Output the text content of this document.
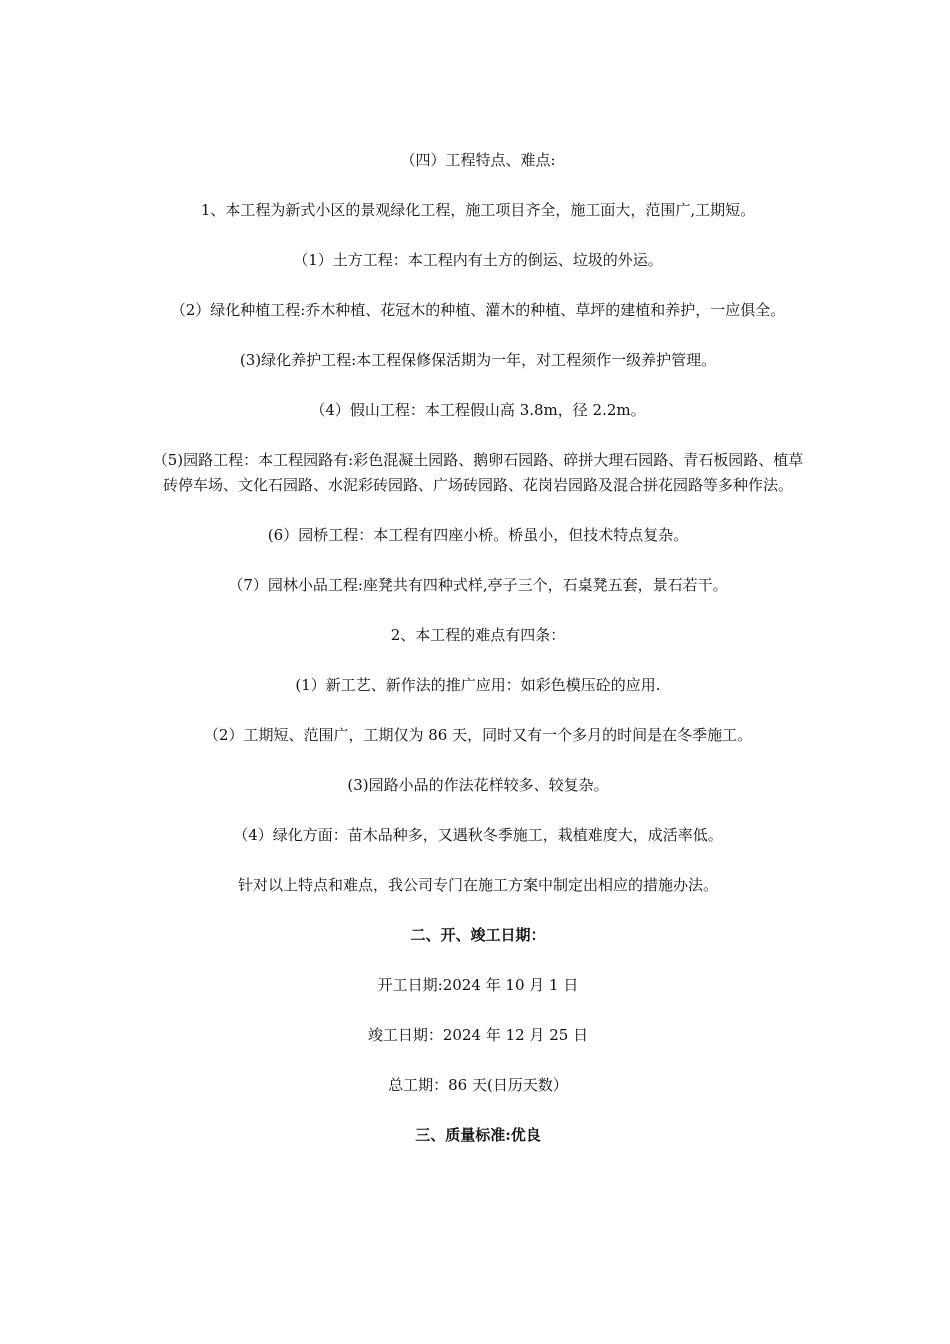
（四）工程特点、难点:

1、本工程为新式小区的景观绿化工程，施工项目齐全，施工面大，范围广,工期短。

（1）土方工程：本工程内有土方的倒运、垃圾的外运。

（2）绿化种植工程:乔木种植、花冠木的种植、灌木的种植、草坪的建植和养护，一应俱全。

(3)绿化养护工程:本工程保修保活期为一年，对工程须作一级养护管理。

（4）假山工程：本工程假山高 3.8m，径 2.2m。

（5)园路工程：本工程园路有:彩色混凝土园路、鹅卵石园路、碎拼大理石园路、青石板园路、植草砖停车场、文化石园路、水泥彩砖园路、广场砖园路、花岗岩园路及混合拼花园路等多种作法。

(6）园桥工程：本工程有四座小桥。桥虽小，但技术特点复杂。

（7）园林小品工程:座凳共有四种式样,亭子三个，石桌凳五套，景石若干。

2、本工程的难点有四条：

(1）新工艺、新作法的推广应用：如彩色模压砼的应用.

（2）工期短、范围广，工期仅为 86 天，同时又有一个多月的时间是在冬季施工。

(3)园路小品的作法花样较多、较复杂。

（4）绿化方面：苗木品种多，又遇秋冬季施工，栽植难度大，成活率低。

针对以上特点和难点，我公司专门在施工方案中制定出相应的措施办法。

二、开、竣工日期：

开工日期:2024 年 10 月 1 日

竣工日期：2024 年 12 月 25 日

总工期：86 天(日历天数）

三、质量标准:优良
